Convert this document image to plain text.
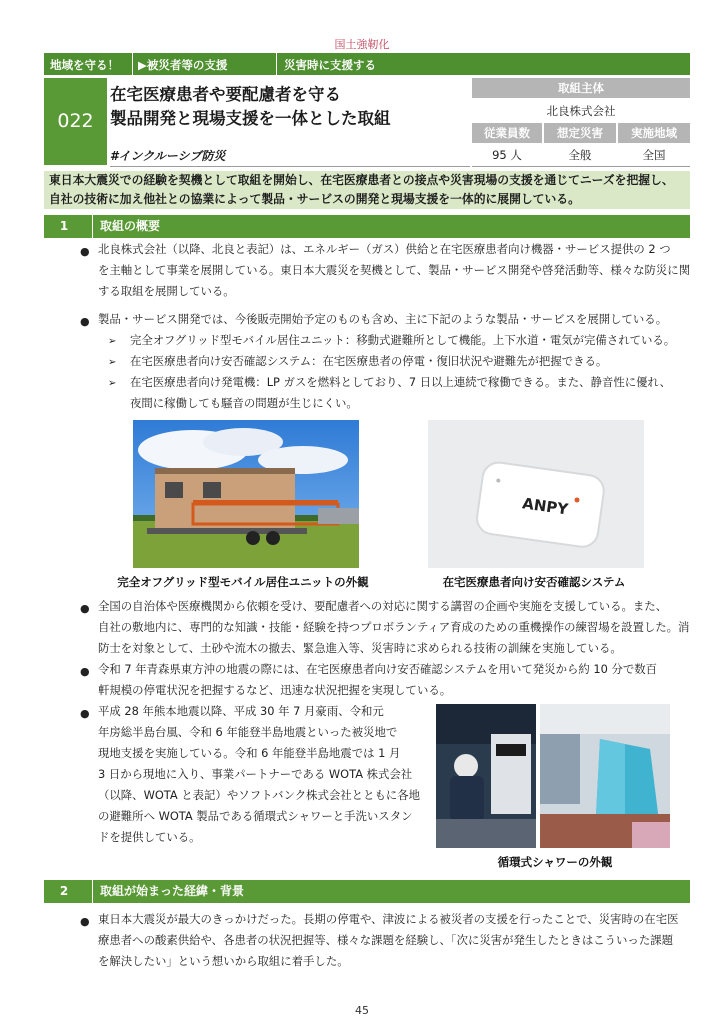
国土強靭化
地域を守る！ ▶被災者等の支援	災害時に支援する
022
在宅医療患者や要配慮者を守る
製品開発と現場支援を一体とした取組
#インクルーシブ防災
取組主体
北良株式会社
従業員数	想定災害	実施地域
95 人	全般	全国

東日本大震災での経験を契機として取組を開始し、在宅医療患者との接点や災害現場の支援を通じてニーズを把握し、

自社の技術に加え他社との協業によって製品・サービスの開発と現場支援を一体的に展開している。

1	取組の概要
● 北良株式会社（以降、北良と表記）は、エネルギー（ガス）供給と在宅医療患者向け機器・サービス提供の 2 つ
を主軸として事業を展開している。東日本大震災を契機として、製品・サービス開発や啓発活動等、様々な防災に関
する取組を展開している。
● 製品・サービス開発では、今後販売開始予定のものも含め、主に下記のような製品・サービスを展開している。
➢ 完全オフグリッド型モバイル居住ユニット：移動式避難所として機能。上下水道・電気が完備されている。
➢ 在宅医療患者向け安否確認システム：在宅医療患者の停電・復旧状況や避難先が把握できる。
➢ 在宅医療患者向け発電機：LP ガスを燃料としており、7 日以上連続で稼働できる。また、静音性に優れ、
夜間に稼働しても騒音の問題が生じにくい。
完全オフグリッド型モバイル居住ユニットの外観
ANPY
在宅医療患者向け安否確認システム
● 全国の自治体や医療機関から依頼を受け、要配慮者への対応に関する講習の企画や実施を支援している。また、
自社の敷地内に、専門的な知識・技能・経験を持つプロボランティア育成のための重機操作の練習場を設置した。消
防士を対象として、土砂や流木の撤去、緊急進入等、災害時に求められる技術の訓練を実施している。
● 令和 7 年青森県東方沖の地震の際には、在宅医療患者向け安否確認システムを用いて発災から約 10 分で数百
軒規模の停電状況を把握するなど、迅速な状況把握を実現している。
● 平成 28 年熊本地震以降、平成 30 年 7 月豪雨、令和元
年房総半島台風、令和 6 年能登半島地震といった被災地で
現地支援を実施している。令和 6 年能登半島地震では 1 月
3 日から現地に入り、事業パートナーである WOTA 株式会社
（以降、WOTA と表記）やソフトバンク株式会社とともに各地
の避難所へ WOTA 製品である循環式シャワーと手洗いスタン
ドを提供している。
循環式シャワーの外観
2	取組が始まった経緯・背景
● 東日本大震災が最大のきっかけだった。長期の停電や、津波による被災者の支援を行ったことで、災害時の在宅医
療患者への酸素供給や、各患者の状況把握等、様々な課題を経験し、「次に災害が発生したときはこういった課題
を解決したい」という想いから取組に着手した。
45
